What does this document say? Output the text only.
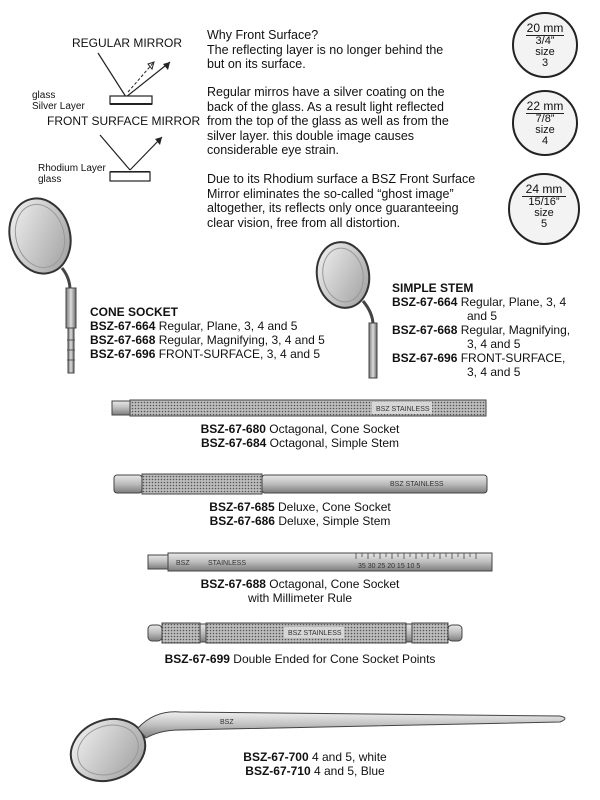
REGULAR MIRROR
glass
Silver Layer
FRONT SURFACE MIRROR
Rhodium Layer
glass
Why Front Surface?
The reflecting layer is no longer behind the
but on its surface.
Regular mirros have a silver coating on the
back of the glass. As a result light reflected
from the top of the glass as well as from the
silver layer. this double image causes
considerable eye strain.
Due to its Rhodium surface a BSZ Front Surface
Mirror eliminates the so-called “ghost image”
altogether, its reflects only once guaranteeing
clear vision, free from all distortion.
20 mm
3/4”
size
3
22 mm
7/8”
size
4
24 mm
15/16”
size
5
CONE SOCKET
BSZ-67-664 Regular, Plane, 3, 4 and 5
BSZ-67-668 Regular, Magnifying, 3, 4 and 5
BSZ-67-696 FRONT-SURFACE, 3, 4 and 5
SIMPLE STEM
BSZ-67-664 Regular, Plane, 3, 4
and 5
BSZ-67-668 Regular, Magnifying,
3, 4 and 5
BSZ-67-696 FRONT-SURFACE,
3, 4 and 5
BSZ STAINLESS
BSZ-67-680 Octagonal, Cone Socket
BSZ-67-684 Octagonal, Simple Stem
BSZ STAINLESS
BSZ-67-685 Deluxe, Cone Socket
BSZ-67-686 Deluxe, Simple Stem
BSZ	STAINLESS	35 30 25 20 15 10 5
BSZ-67-688 Octagonal, Cone Socket
with Millimeter Rule
BSZ STAINLESS
BSZ-67-699 Double Ended for Cone Socket Points
BSZ
BSZ-67-700 4 and 5, white
BSZ-67-710 4 and 5, Blue
